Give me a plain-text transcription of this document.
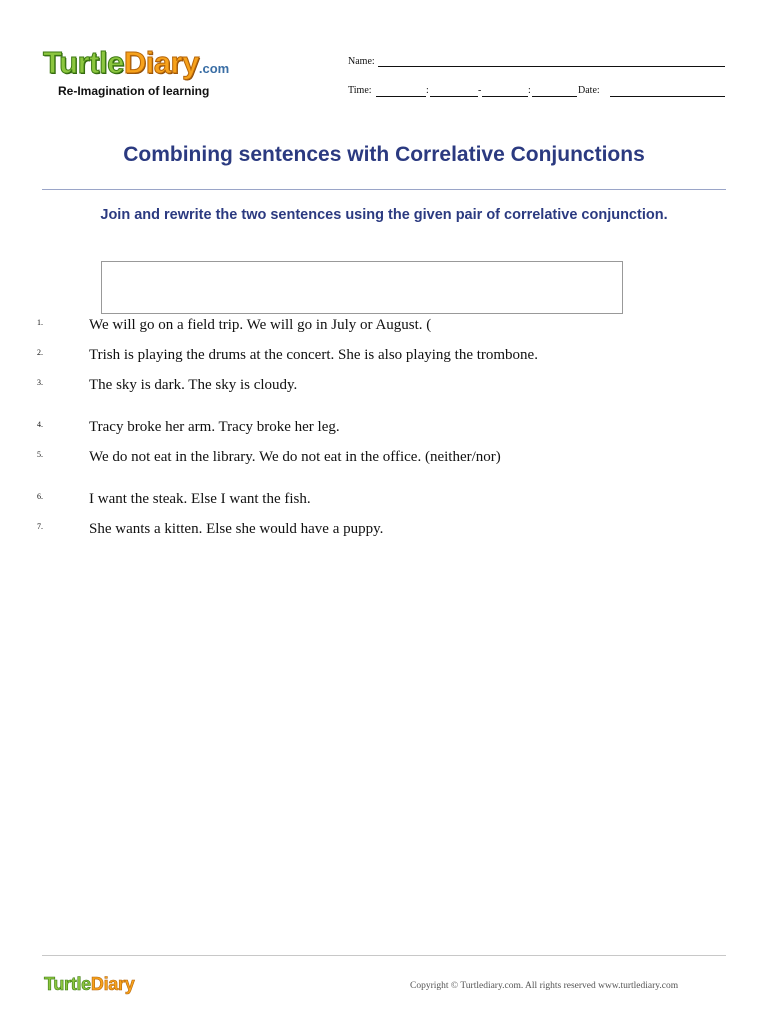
TurtleDiary.com
Re-Imagination of learning
Name:
Time:	:	-	:	Date:
Combining sentences with Correlative Conjunctions
Join and rewrite the two sentences using the given pair of correlative conjunction.
1.	We will go on a field trip. We will go in July or August. (
2.	Trish is playing the drums at the concert. She is also playing the trombone.
3.	The sky is dark. The sky is cloudy.
4.	Tracy broke her arm. Tracy broke her leg.
5.	We do not eat in the library. We do not eat in the office. (neither/nor)
6.	I want the steak. Else I want the fish.
7.	She wants a kitten. Else she would have a puppy.
TurtleDiary	Copyright © Turtlediary.com. All rights reserved www.turtlediary.com
